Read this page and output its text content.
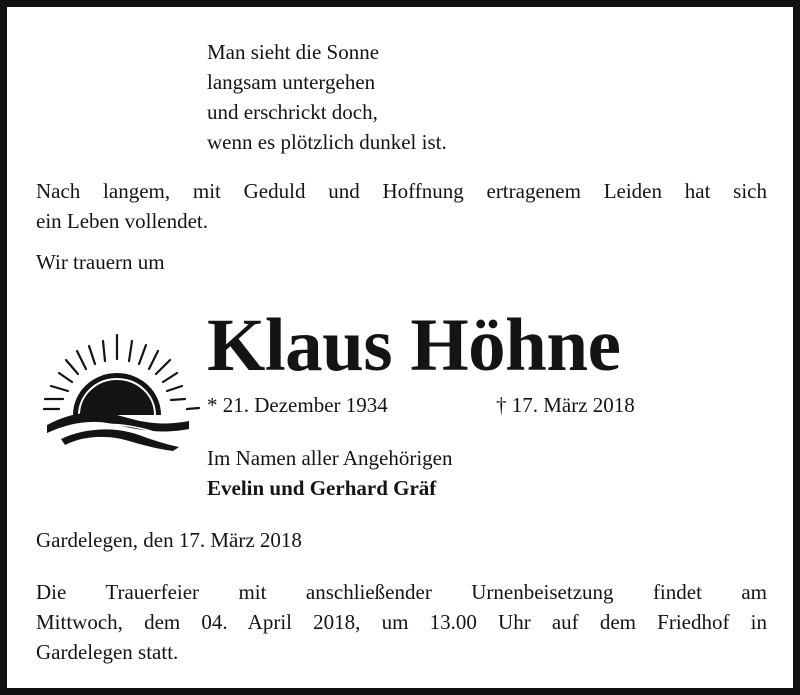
Man sieht die Sonne
langsam untergehen
und erschrickt doch,
wenn es plötzlich dunkel ist.
Nach langem, mit Geduld und Hoffnung ertragenem Leiden hat sich
ein Leben vollendet.
Wir trauern um
Klaus Höhne
* 21. Dezember 1934	† 17. März 2018
Im Namen aller Angehörigen
Evelin und Gerhard Gräf
Gardelegen, den 17. März 2018
Die Trauerfeier mit anschließender Urnenbeisetzung findet am
Mittwoch, dem 04. April 2018, um 13.00 Uhr auf dem Friedhof in
Gardelegen statt.
